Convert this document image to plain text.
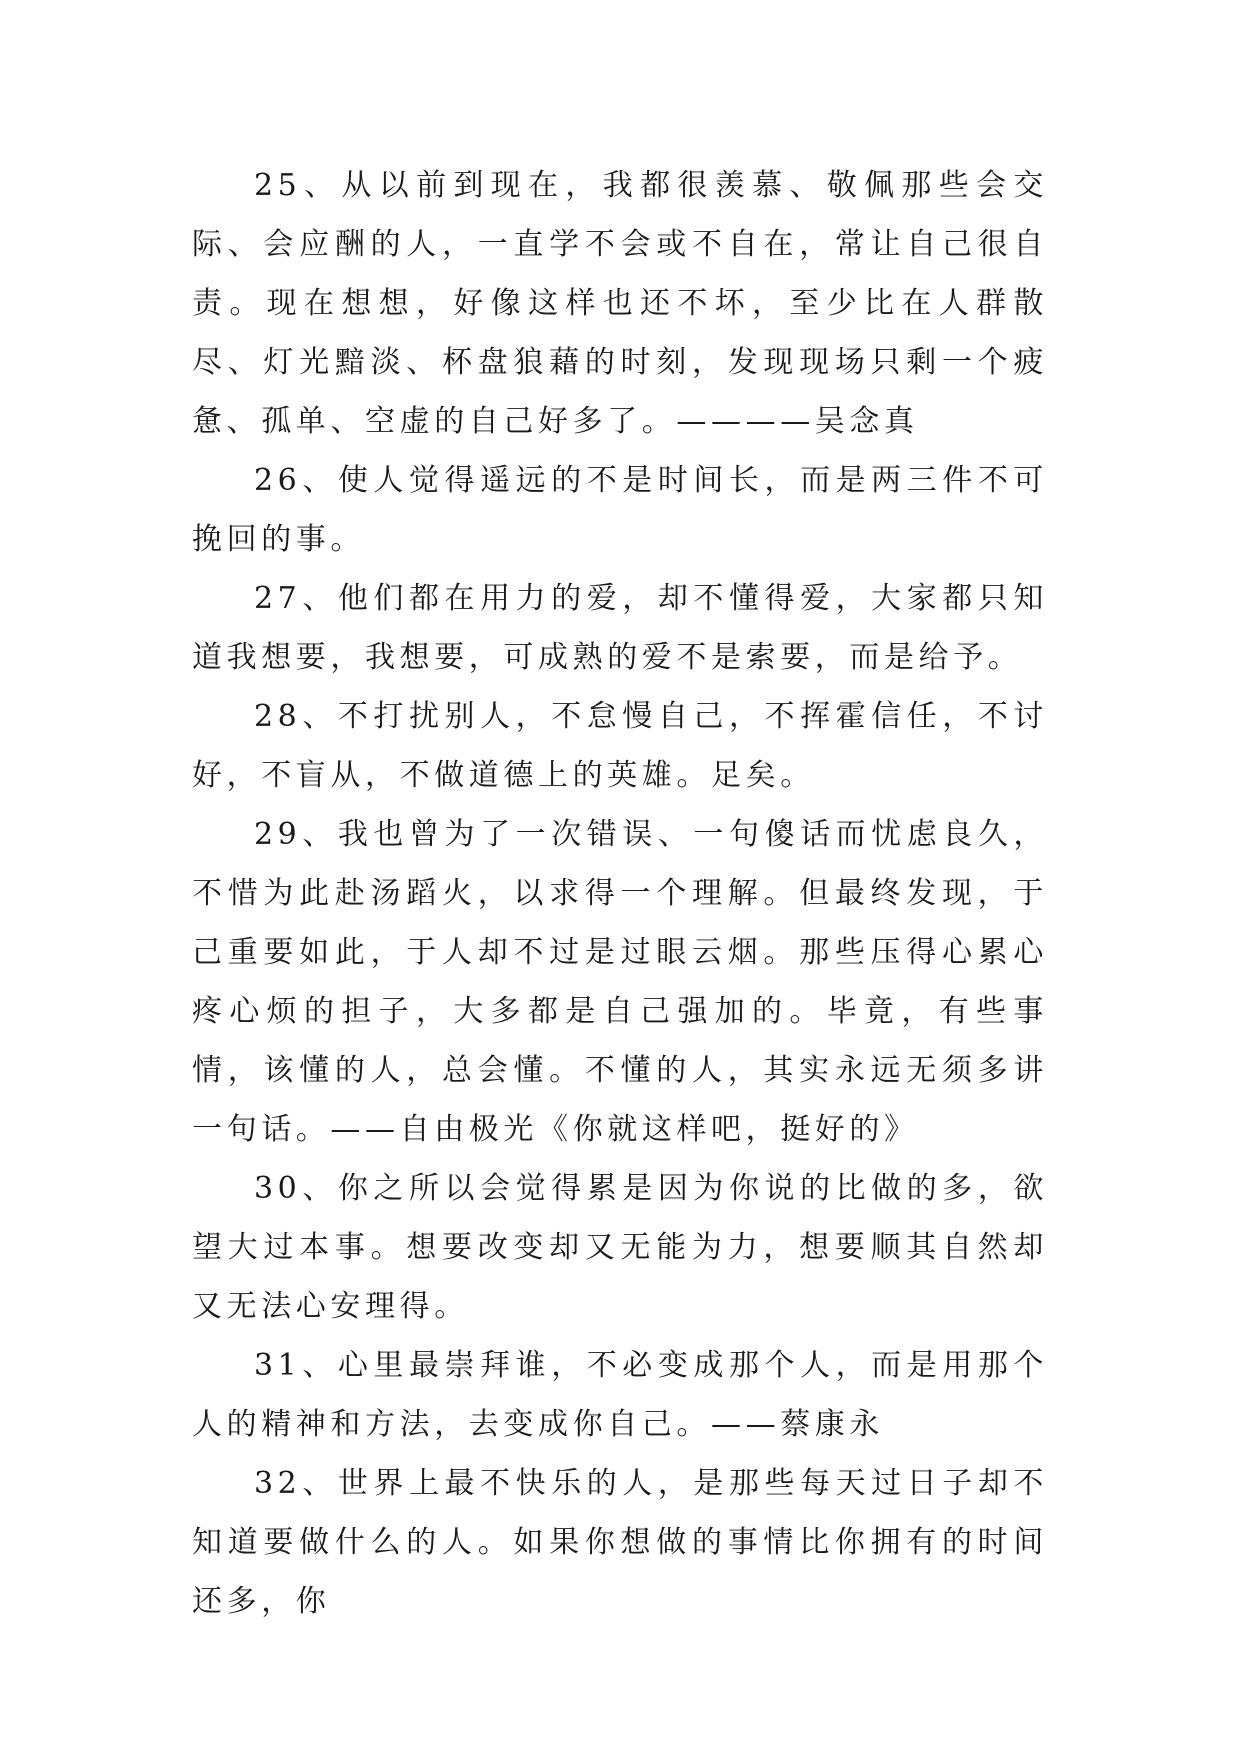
25、从以前到现在，我都很羡慕、敬佩那些会交际、会应酬的人，一直学不会或不自在，常让自己很自责。现在想想，好像这样也还不坏，至少比在人群散尽、灯光黯淡、杯盘狼藉的时刻，发现现场只剩一个疲惫、孤单、空虚的自己好多了。————吴念真

26、使人觉得遥远的不是时间长，而是两三件不可挽回的事。

27、他们都在用力的爱，却不懂得爱，大家都只知道我想要，我想要，可成熟的爱不是索要，而是给予。

28、不打扰别人，不怠慢自己，不挥霍信任，不讨好，不盲从，不做道德上的英雄。足矣。

29、我也曾为了一次错误、一句傻话而忧虑良久，不惜为此赴汤蹈火，以求得一个理解。但最终发现，于己重要如此，于人却不过是过眼云烟。那些压得心累心疼心烦的担子，大多都是自己强加的。毕竟，有些事情，该懂的人，总会懂。不懂的人，其实永远无须多讲一句话。——自由极光《你就这样吧，挺好的》

30、你之所以会觉得累是因为你说的比做的多，欲望大过本事。想要改变却又无能为力，想要顺其自然却又无法心安理得。

31、心里最崇拜谁，不必变成那个人，而是用那个人的精神和方法，去变成你自己。——蔡康永

32、世界上最不快乐的人，是那些每天过日子却不知道要做什么的人。如果你想做的事情比你拥有的时间还多，你
